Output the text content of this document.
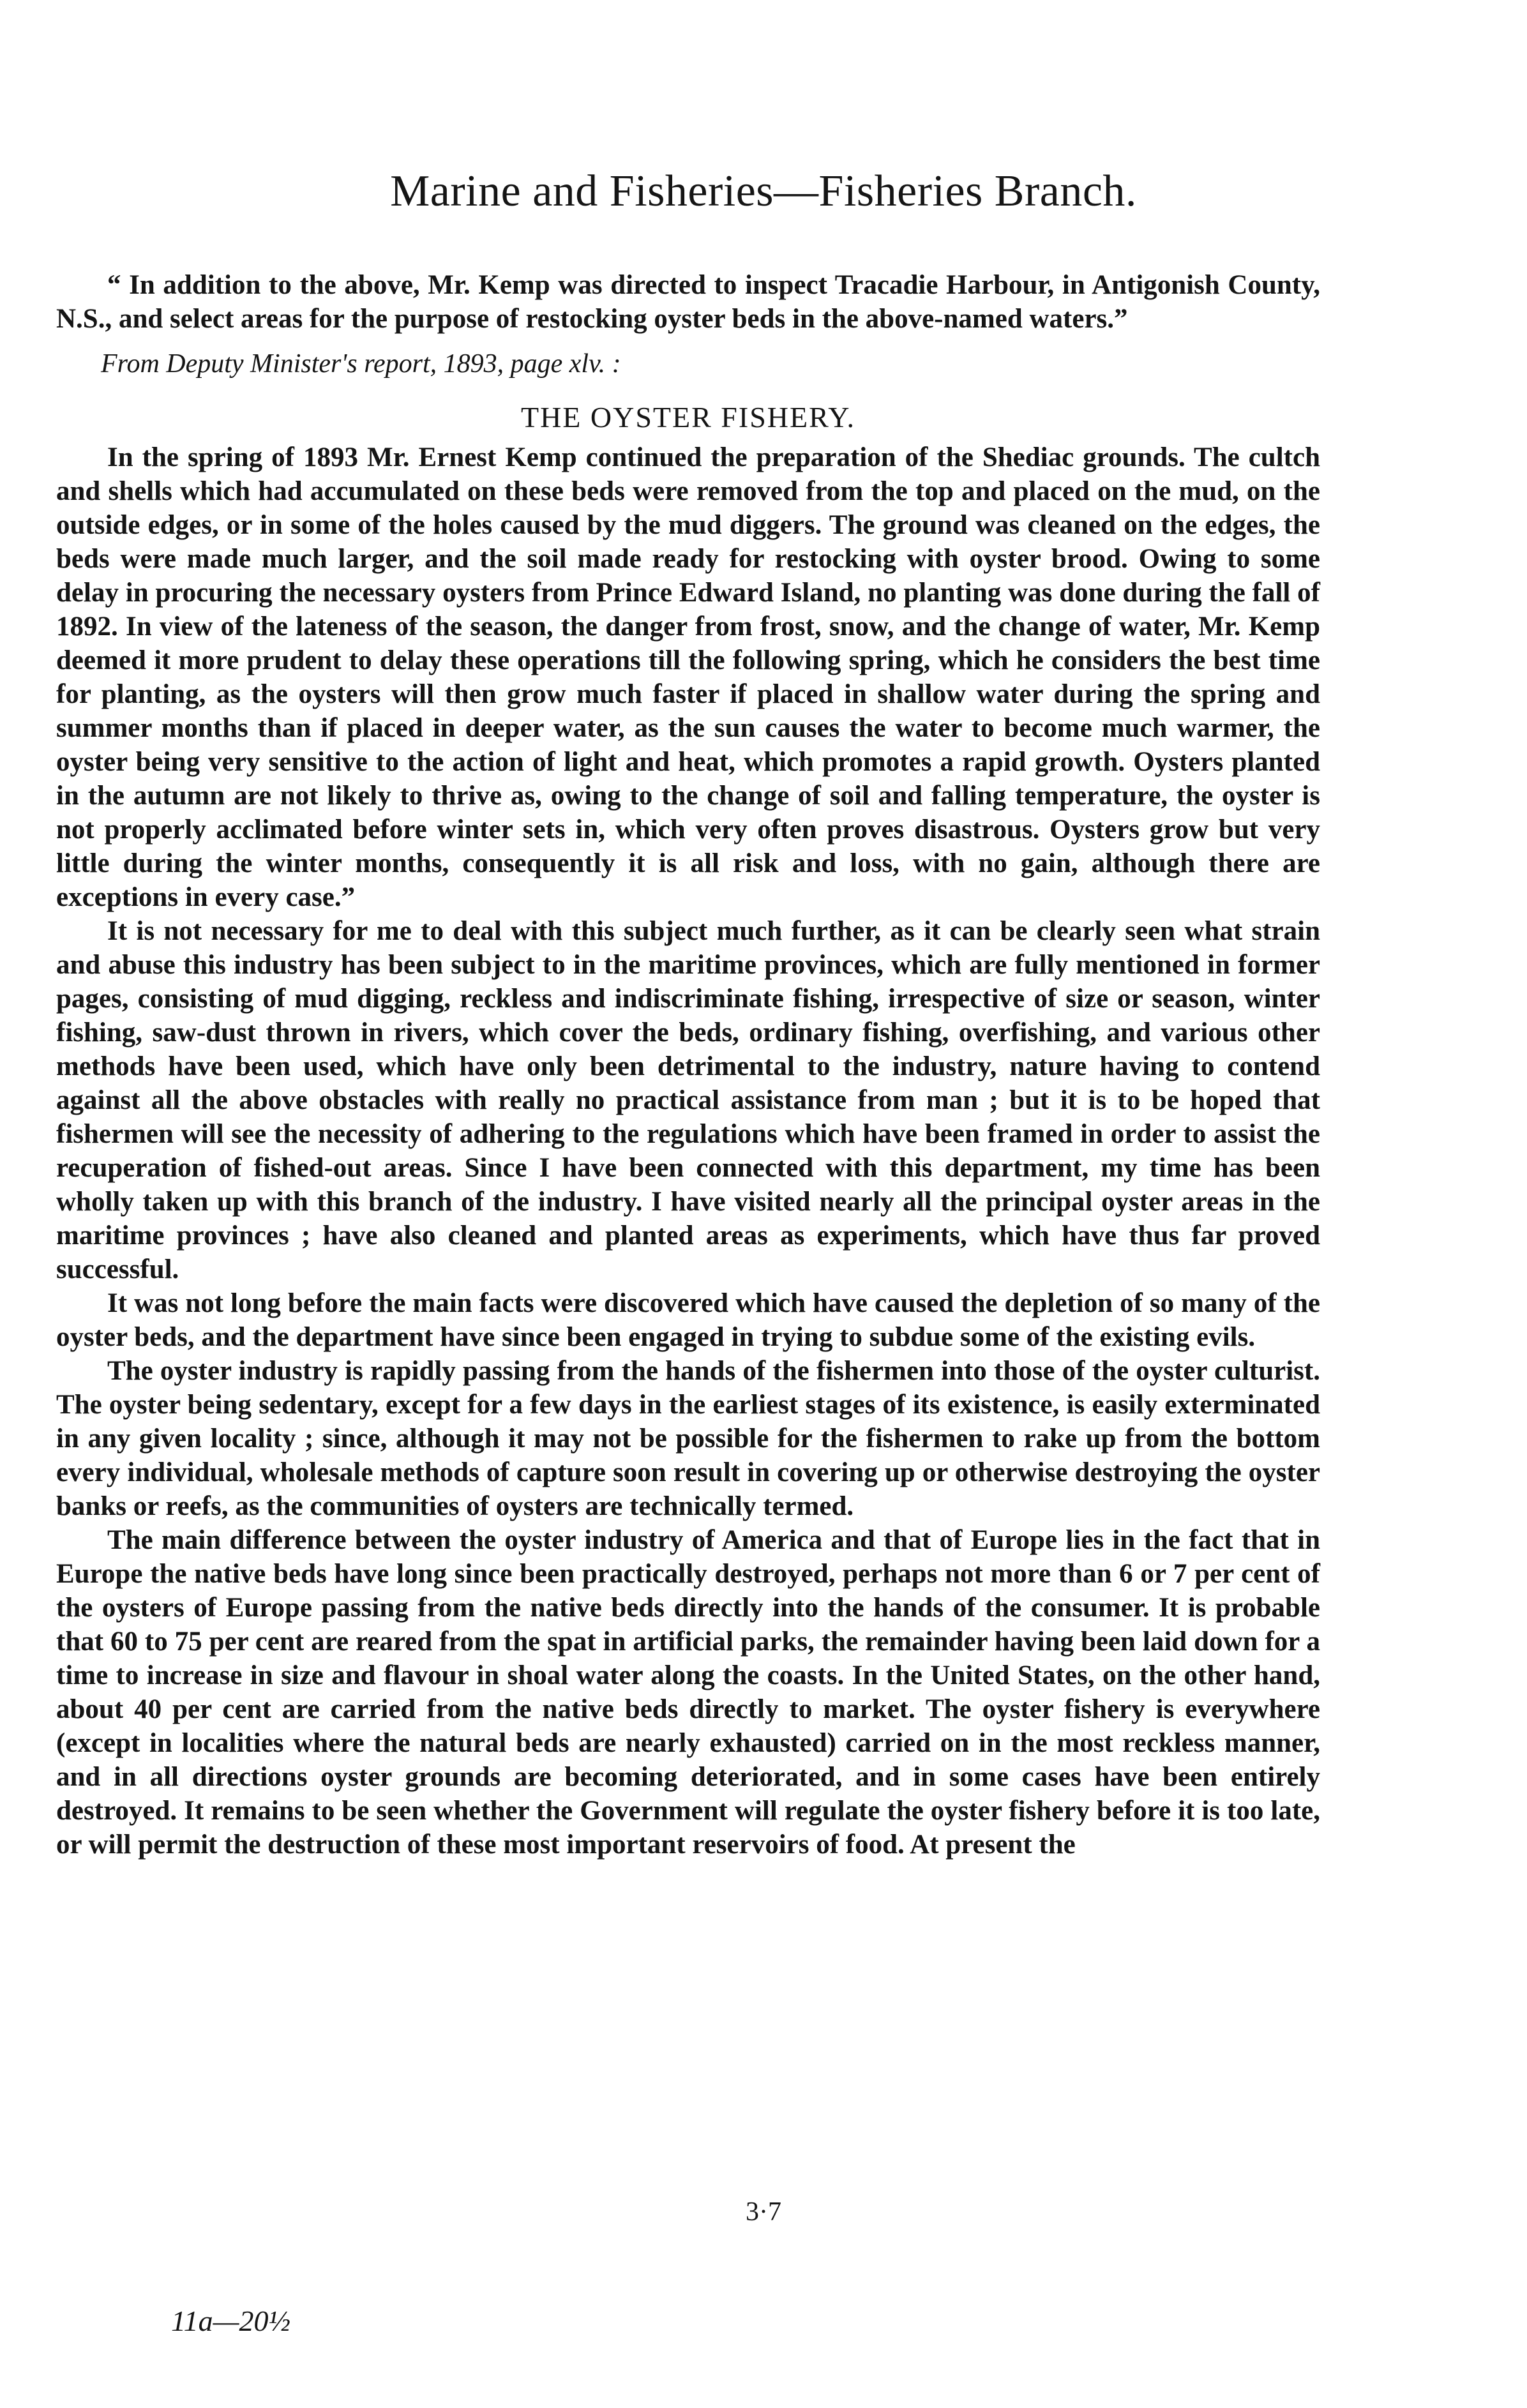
Marine and Fisheries—Fisheries Branch.

“ In addition to the above, Mr. Kemp was directed to inspect Tracadie Harbour, in Antigonish County, N.S., and select areas for the purpose of restocking oyster beds in the above-named waters.”

From Deputy Minister's report, 1893, page xlv. :

THE OYSTER FISHERY.

In the spring of 1893 Mr. Ernest Kemp continued the preparation of the Shediac grounds. The cultch and shells which had accumulated on these beds were removed from the top and placed on the mud, on the outside edges, or in some of the holes caused by the mud diggers. The ground was cleaned on the edges, the beds were made much larger, and the soil made ready for restocking with oyster brood. Owing to some delay in procuring the necessary oysters from Prince Edward Island, no planting was done during the fall of 1892. In view of the lateness of the season, the danger from frost, snow, and the change of water, Mr. Kemp deemed it more prudent to delay these operations till the following spring, which he considers the best time for planting, as the oysters will then grow much faster if placed in shallow water during the spring and summer months than if placed in deeper water, as the sun causes the water to become much warmer, the oyster being very sensitive to the action of light and heat, which promotes a rapid growth. Oysters planted in the autumn are not likely to thrive as, owing to the change of soil and falling temperature, the oyster is not properly acclimated before winter sets in, which very often proves disastrous. Oysters grow but very little during the winter months, consequently it is all risk and loss, with no gain, although there are exceptions in every case.”

It is not necessary for me to deal with this subject much further, as it can be clearly seen what strain and abuse this industry has been subject to in the maritime provinces, which are fully mentioned in former pages, consisting of mud digging, reckless and indiscriminate fishing, irrespective of size or season, winter fishing, saw-dust thrown in rivers, which cover the beds, ordinary fishing, overfishing, and various other methods have been used, which have only been detrimental to the industry, nature having to contend against all the above obstacles with really no practical assistance from man ; but it is to be hoped that fishermen will see the necessity of adhering to the regulations which have been framed in order to assist the recuperation of fished-out areas. Since I have been connected with this department, my time has been wholly taken up with this branch of the industry. I have visited nearly all the principal oyster areas in the maritime provinces ; have also cleaned and planted areas as experiments, which have thus far proved successful.

It was not long before the main facts were discovered which have caused the depletion of so many of the oyster beds, and the department have since been engaged in trying to subdue some of the existing evils.

The oyster industry is rapidly passing from the hands of the fishermen into those of the oyster culturist. The oyster being sedentary, except for a few days in the earliest stages of its existence, is easily exterminated in any given locality ; since, although it may not be possible for the fishermen to rake up from the bottom every individual, wholesale methods of capture soon result in covering up or otherwise destroying the oyster banks or reefs, as the communities of oysters are technically termed.

The main difference between the oyster industry of America and that of Europe lies in the fact that in Europe the native beds have long since been practically destroyed, perhaps not more than 6 or 7 per cent of the oysters of Europe passing from the native beds directly into the hands of the consumer. It is probable that 60 to 75 per cent are reared from the spat in artificial parks, the remainder having been laid down for a time to increase in size and flavour in shoal water along the coasts. In the United States, on the other hand, about 40 per cent are carried from the native beds directly to market. The oyster fishery is everywhere (except in localities where the natural beds are nearly exhausted) carried on in the most reckless manner, and in all directions oyster grounds are becoming deteriorated, and in some cases have been entirely destroyed. It remains to be seen whether the Government will regulate the oyster fishery before it is too late, or will permit the destruction of these most important reservoirs of food. At present the

3·7
11a—20½
